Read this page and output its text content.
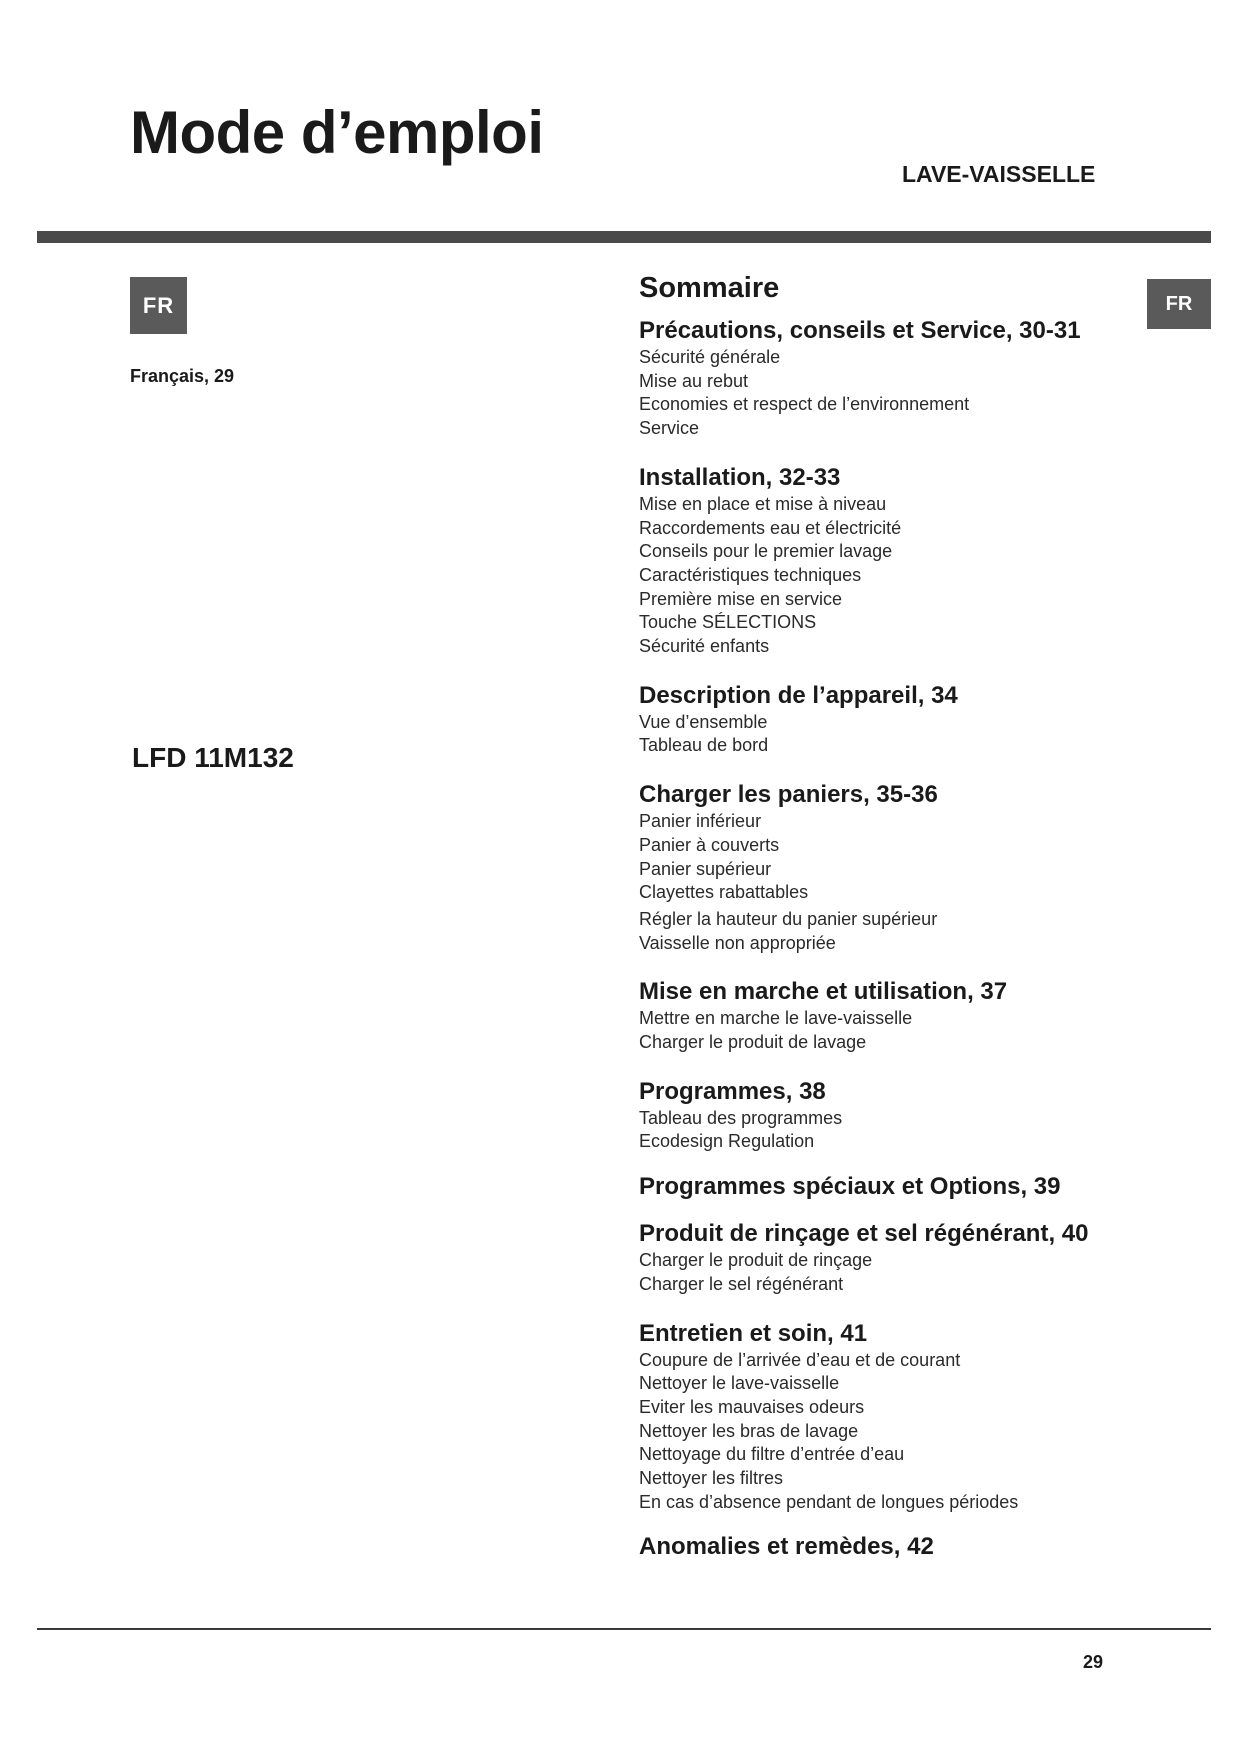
Mode d’emploi
LAVE-VAISSELLE
FR
Français, 29
LFD 11M132
FR
Sommaire
Précautions, conseils et Service, 30-31
Sécurité générale
Mise au rebut
Economies et respect de l’environnement
Service
Installation, 32-33
Mise en place et mise à niveau
Raccordements eau et électricité
Conseils pour le premier lavage
Caractéristiques techniques
Première mise en service
Touche SÉLECTIONS
Sécurité enfants
Description de l’appareil, 34
Vue d’ensemble
Tableau de bord
Charger les paniers, 35-36
Panier inférieur
Panier à couverts
Panier supérieur
Clayettes rabattables
Régler la hauteur du panier supérieur
Vaisselle non appropriée
Mise en marche et utilisation, 37
Mettre en marche le lave-vaisselle
Charger le produit de lavage
Programmes, 38
Tableau des programmes
Ecodesign Regulation
Programmes spéciaux et Options, 39
Produit de rinçage et sel régénérant, 40
Charger le produit de rinçage
Charger le sel régénérant
Entretien et soin, 41
Coupure de l’arrivée d’eau et de courant
Nettoyer le lave-vaisselle
Eviter les mauvaises odeurs
Nettoyer les bras de lavage
Nettoyage du filtre d’entrée d’eau
Nettoyer les filtres
En cas d’absence pendant de longues périodes
Anomalies et remèdes, 42
29
